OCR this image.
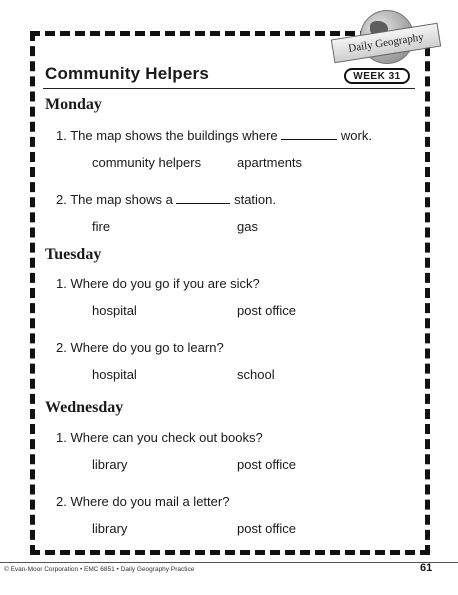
Daily Geography
Community Helpers	WEEK 31
Monday
1. The map shows the buildings where	work.
community helpers	apartments
2. The map shows a	station.
fire	gas
Tuesday
1. Where do you go if you are sick?
hospital	post office
2. Where do you go to learn?
hospital	school
Wednesday
1. Where can you check out books?
library	post office
2. Where do you mail a letter?
library	post office
© Evan-Moor Corporation • EMC 6851 • Daily Geography Practice	61
